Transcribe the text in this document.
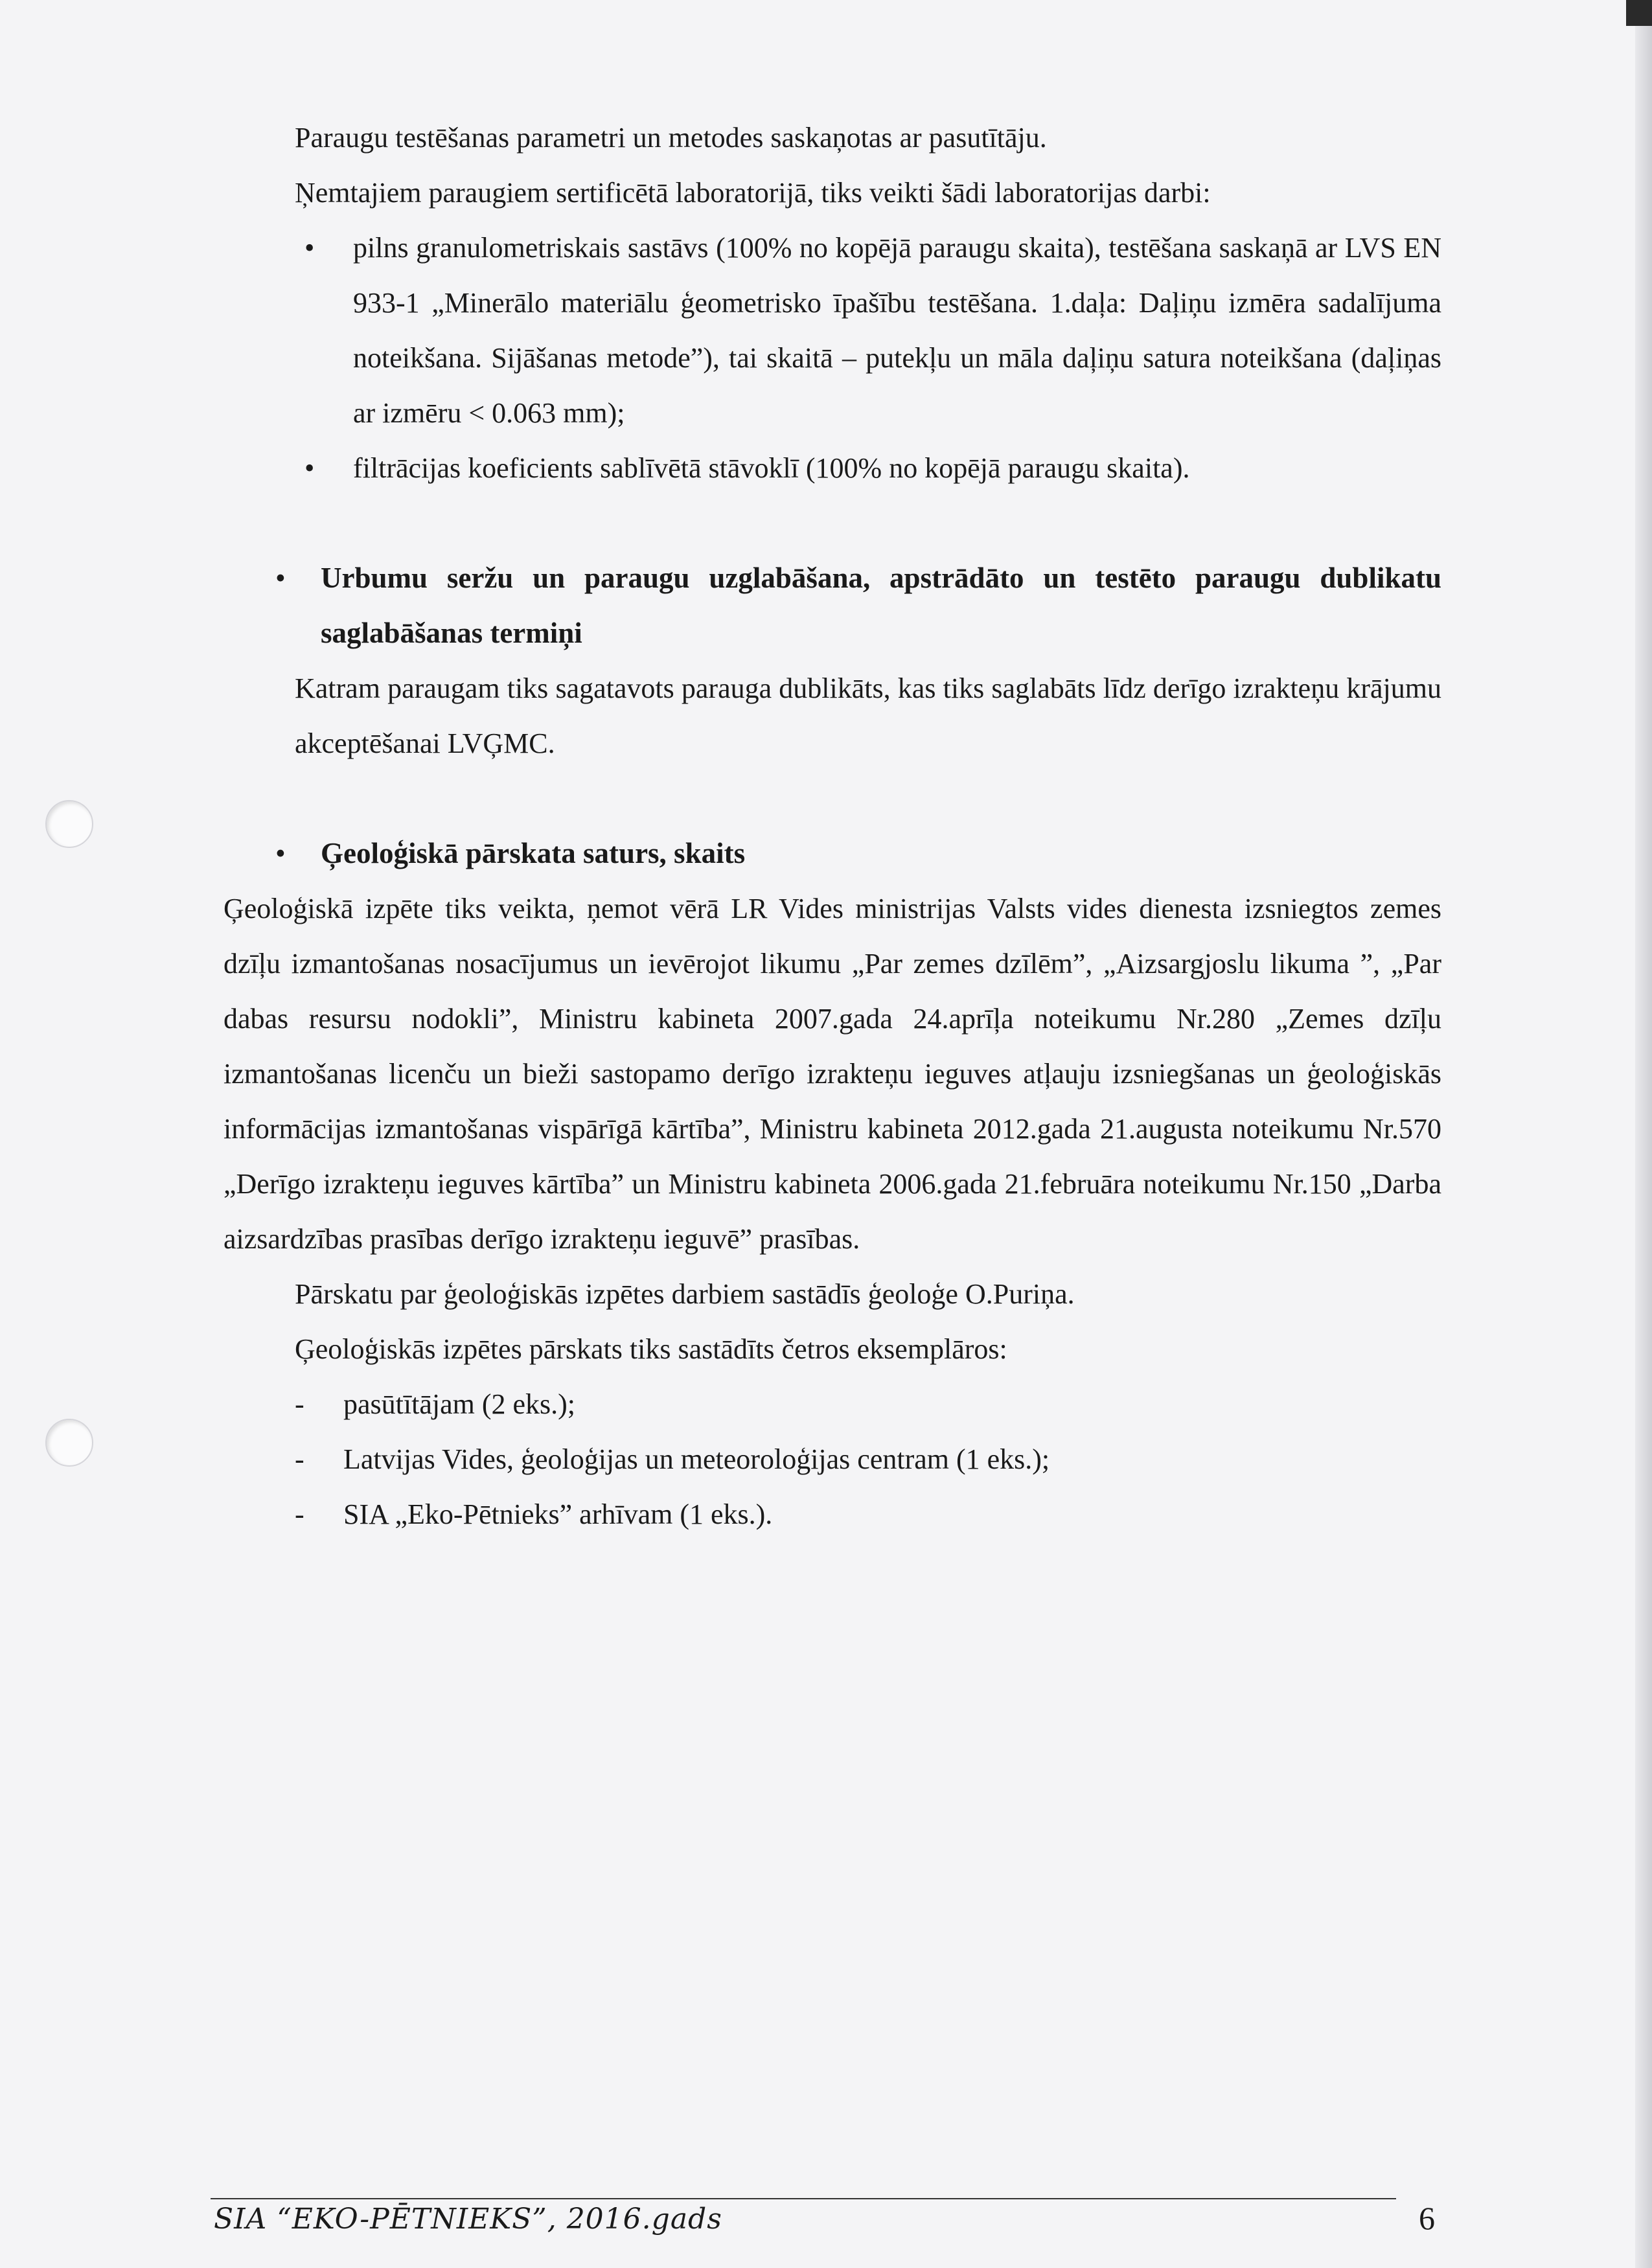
Paraugu testēšanas parametri un metodes saskaņotas ar pasutītāju.

Ņemtajiem paraugiem sertificētā laboratorijā, tiks veikti šādi laboratorijas darbi:

• pilns granulometriskais sastāvs (100% no kopējā paraugu skaita), testēšana saskaņā ar LVS EN 933-1 „Minerālo materiālu ģeometrisko īpašību testēšana. 1.daļa: Daļiņu izmēra sadalījuma noteikšana. Sijāšanas metode”), tai skaitā – putekļu un māla daļiņu satura noteikšana (daļiņas ar izmēru < 0.063 mm);
• filtrācijas koeficients sablīvētā stāvoklī (100% no kopējā paraugu skaita).
• Urbumu seržu un paraugu uzglabāšana, apstrādāto un testēto paraugu dublikatu saglabāšanas termiņi

Katram paraugam tiks sagatavots parauga dublikāts, kas tiks saglabāts līdz derīgo izrakteņu krājumu akceptēšanai LVĢMC.

• Ģeoloģiskā pārskata saturs, skaits

Ģeoloģiskā izpēte tiks veikta, ņemot vērā LR Vides ministrijas Valsts vides dienesta izsniegtos zemes dzīļu izmantošanas nosacījumus un ievērojot likumu „Par zemes dzīlēm”, „Aizsargjoslu likuma ”, „Par dabas resursu nodokli”, Ministru kabineta 2007.gada 24.aprīļa noteikumu Nr.280 „Zemes dzīļu izmantošanas licenču un bieži sastopamo derīgo izrakteņu ieguves atļauju izsniegšanas un ģeoloģiskās informācijas izmantošanas vispārīgā kārtība”, Ministru kabineta 2012.gada 21.augusta noteikumu Nr.570 „Derīgo izrakteņu ieguves kārtība” un Ministru kabineta 2006.gada 21.februāra noteikumu Nr.150 „Darba aizsardzības prasības derīgo izrakteņu ieguvē” prasības.

Pārskatu par ģeoloģiskās izpētes darbiem sastādīs ģeoloģe O.Puriņa.

Ģeoloģiskās izpētes pārskats tiks sastādīts četros eksemplāros:

- pasūtītājam (2 eks.);
- Latvijas Vides, ģeoloģijas un meteoroloģijas centram (1 eks.);
- SIA „Eko-Pētnieks” arhīvam (1 eks.).
SIA “EKO-PĒTNIEKS”, 2016.gads	6
